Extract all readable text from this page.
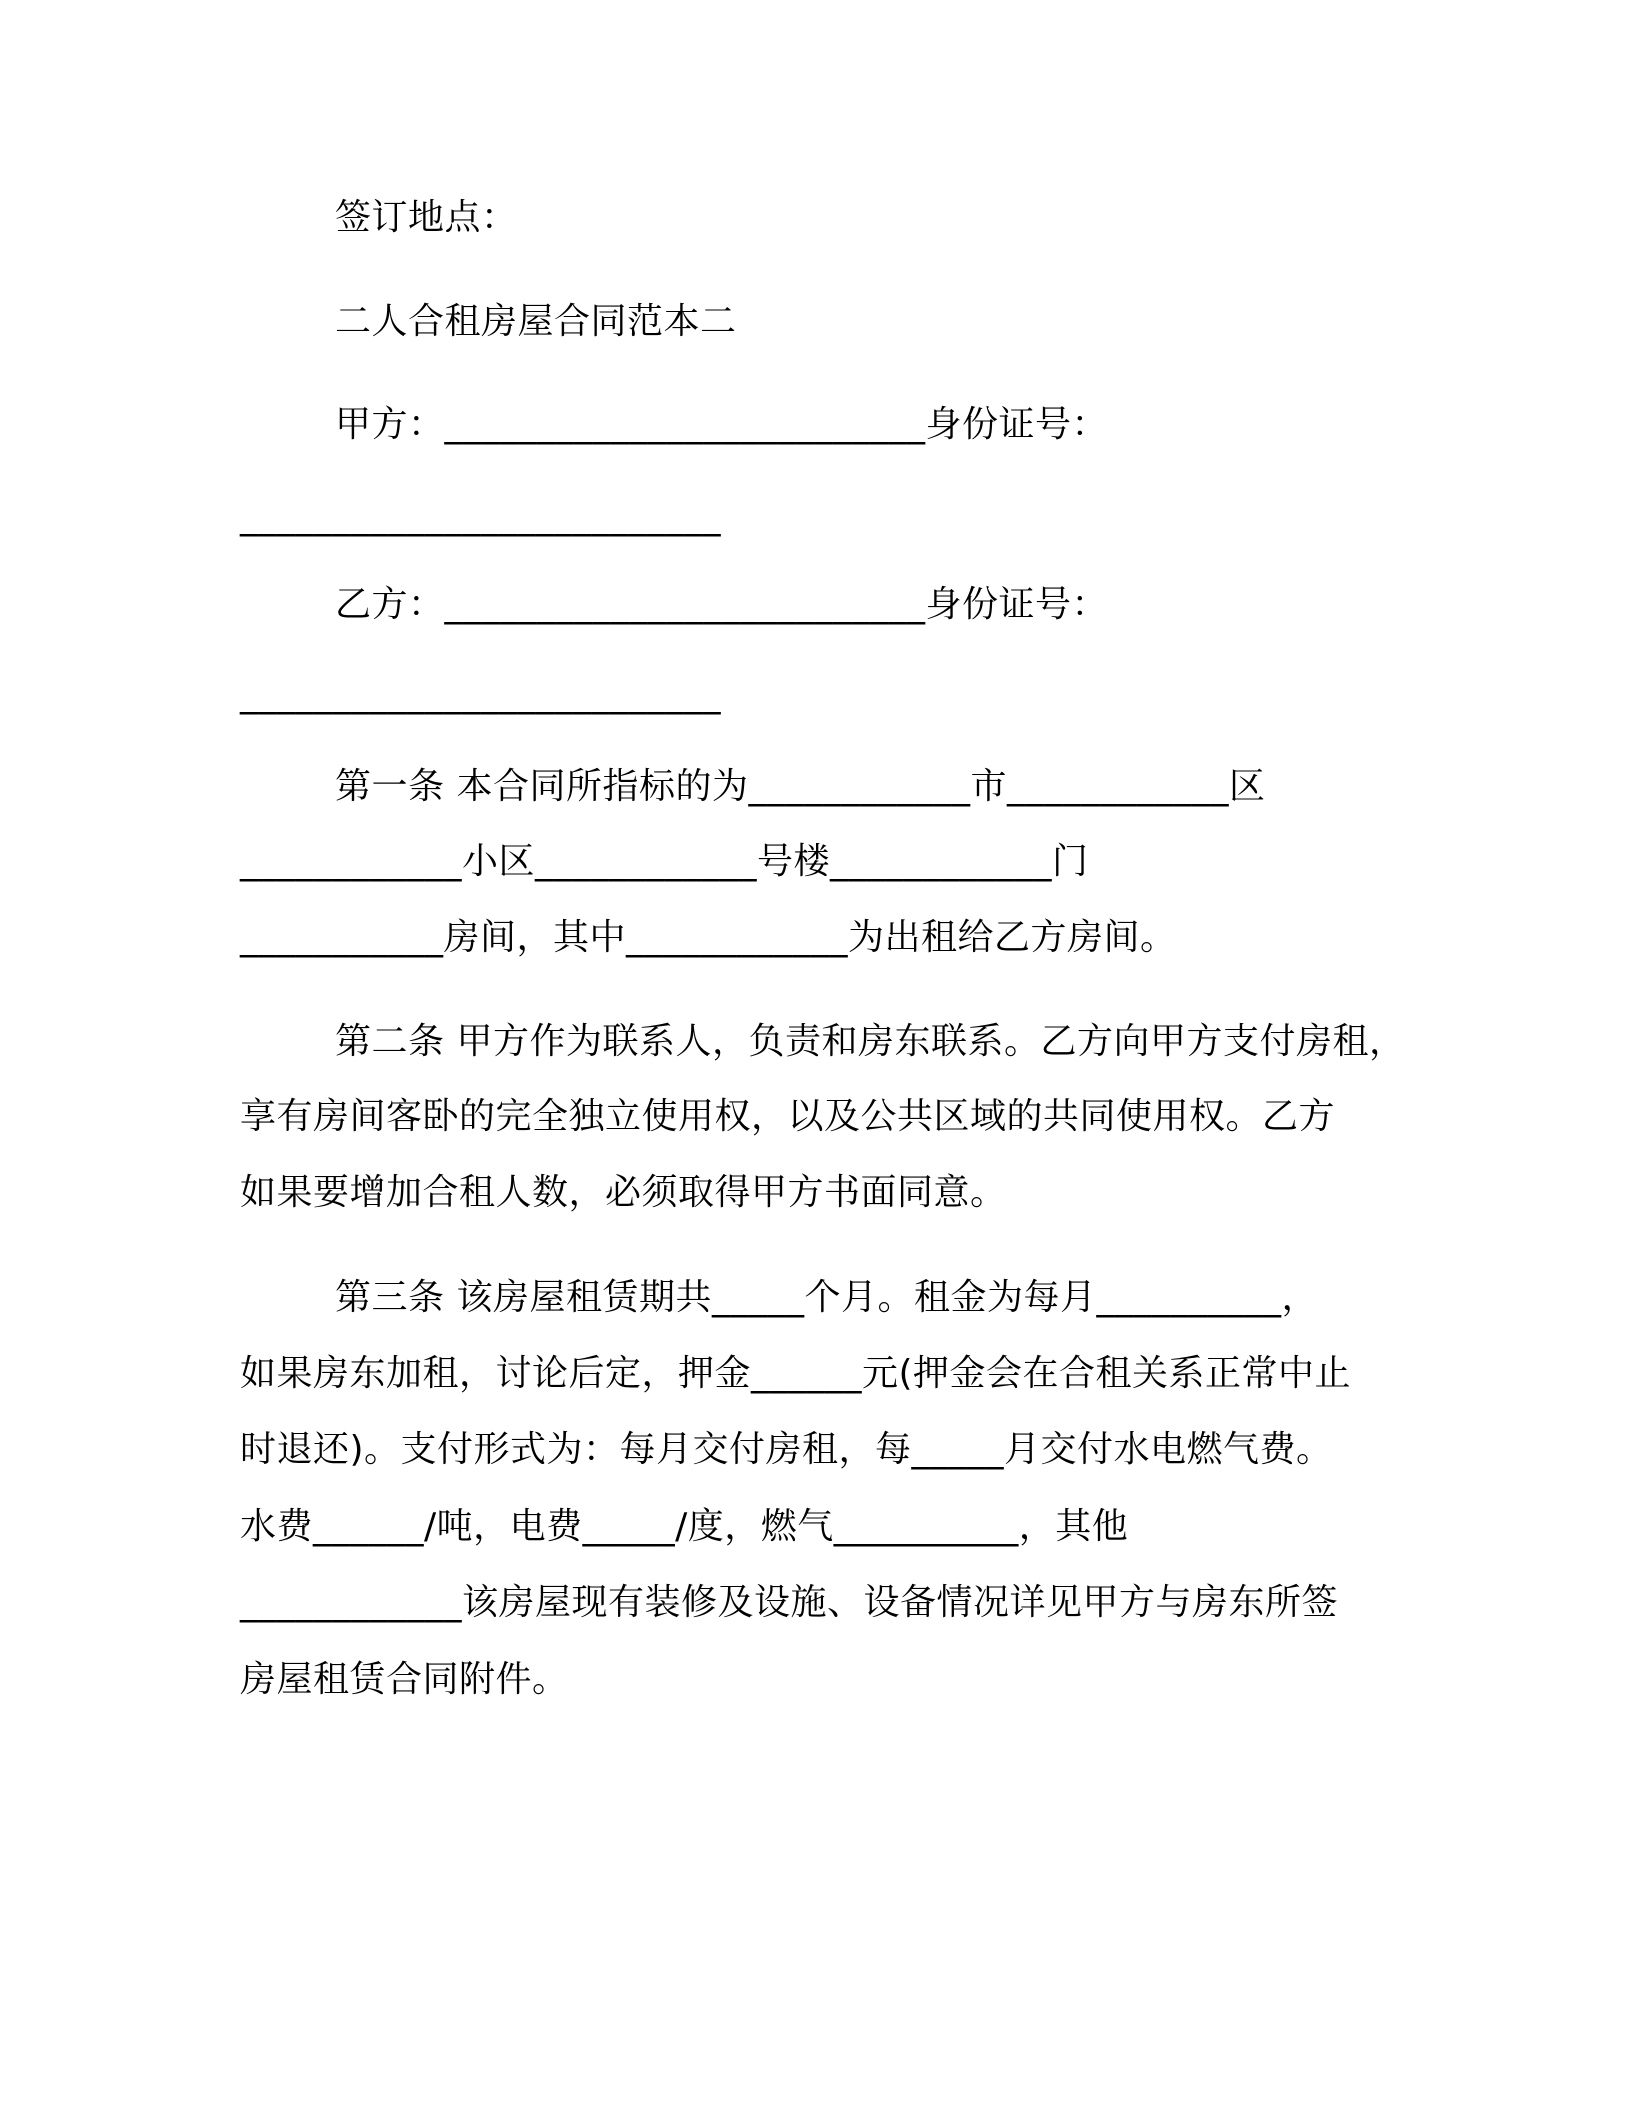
签订地点：
二人合租房屋合同范本二
甲方：__________________________身份证号：
__________________________
乙方：__________________________身份证号：
__________________________
第一条 本合同所指标的为____________市____________区
____________小区____________号楼____________门
___________房间，其中____________为出租给乙方房间。
第二条 甲方作为联系人，负责和房东联系。乙方向甲方支付房租，
享有房间客卧的完全独立使用权，以及公共区域的共同使用权。乙方
如果要增加合租人数，必须取得甲方书面同意。
第三条 该房屋租赁期共_____个月。租金为每月__________，
如果房东加租，讨论后定，押金______元(押金会在合租关系正常中止
时退还)。支付形式为：每月交付房租，每_____月交付水电燃气费。
水费______/吨，电费_____/度，燃气__________，其他
____________该房屋现有装修及设施、设备情况详见甲方与房东所签
房屋租赁合同附件。
